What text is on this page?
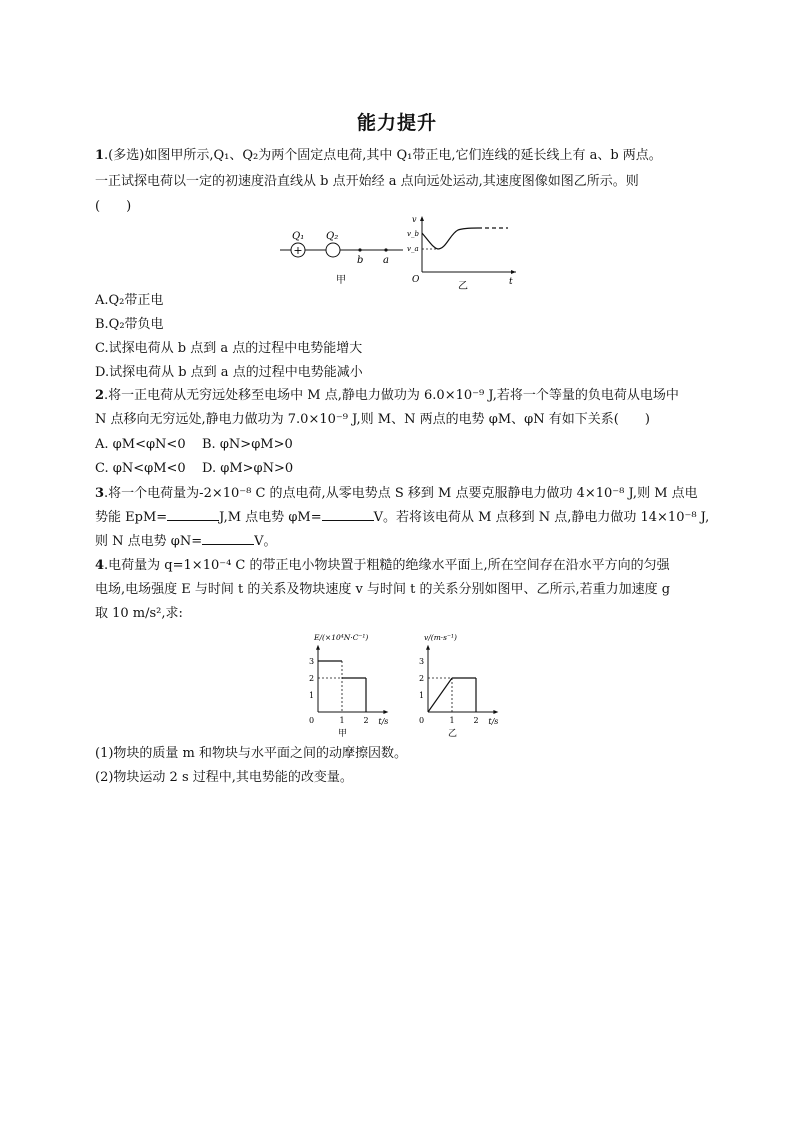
能力提升
1.(多选)如图甲所示,Q₁、Q₂为两个固定点电荷,其中 Q₁带正电,它们连线的延长线上有 a、b 两点。
一正试探电荷以一定的初速度沿直线从 b 点开始经 a 点向远处运动,其速度图像如图乙所示。则
(　　)
+
Q₁ Q₂
b a
甲
v
v_b
v_a
O	t
乙
A.Q₂带正电
B.Q₂带负电
C.试探电荷从 b 点到 a 点的过程中电势能增大
D.试探电荷从 b 点到 a 点的过程中电势能减小
2.将一正电荷从无穷远处移至电场中 M 点,静电力做功为 6.0×10⁻⁹ J,若将一个等量的负电荷从电场中
N 点移向无穷远处,静电力做功为 7.0×10⁻⁹ J,则 M、N 两点的电势 φM、φN 有如下关系(　　)
A. φM<φN<0 B. φN>φM>0
C. φN<φM<0 D. φM>φN>0
3.将一个电荷量为-2×10⁻⁸ C 的点电荷,从零电势点 S 移到 M 点要克服静电力做功 4×10⁻⁸ J,则 M 点电
势能 EpM=	J,M 点电势 φM=	V。若将该电荷从 M 点移到 N 点,静电力做功 14×10⁻⁸ J,
则 N 点电势 φN=	V。
4.电荷量为 q=1×10⁻⁴ C 的带正电小物块置于粗糙的绝缘水平面上,所在空间存在沿水平方向的匀强
电场,电场强度 E 与时间 t 的关系及物块速度 v 与时间 t 的关系分别如图甲、乙所示,若重力加速度 g
取 10 m/s²,求:
E/(×10⁴N·C⁻¹)
t/s
0	1 2
1
2
3
甲
v/(m·s⁻¹)
t/s
0	1 2
1
2
3
乙
(1)物块的质量 m 和物块与水平面之间的动摩擦因数。
(2)物块运动 2 s 过程中,其电势能的改变量。
